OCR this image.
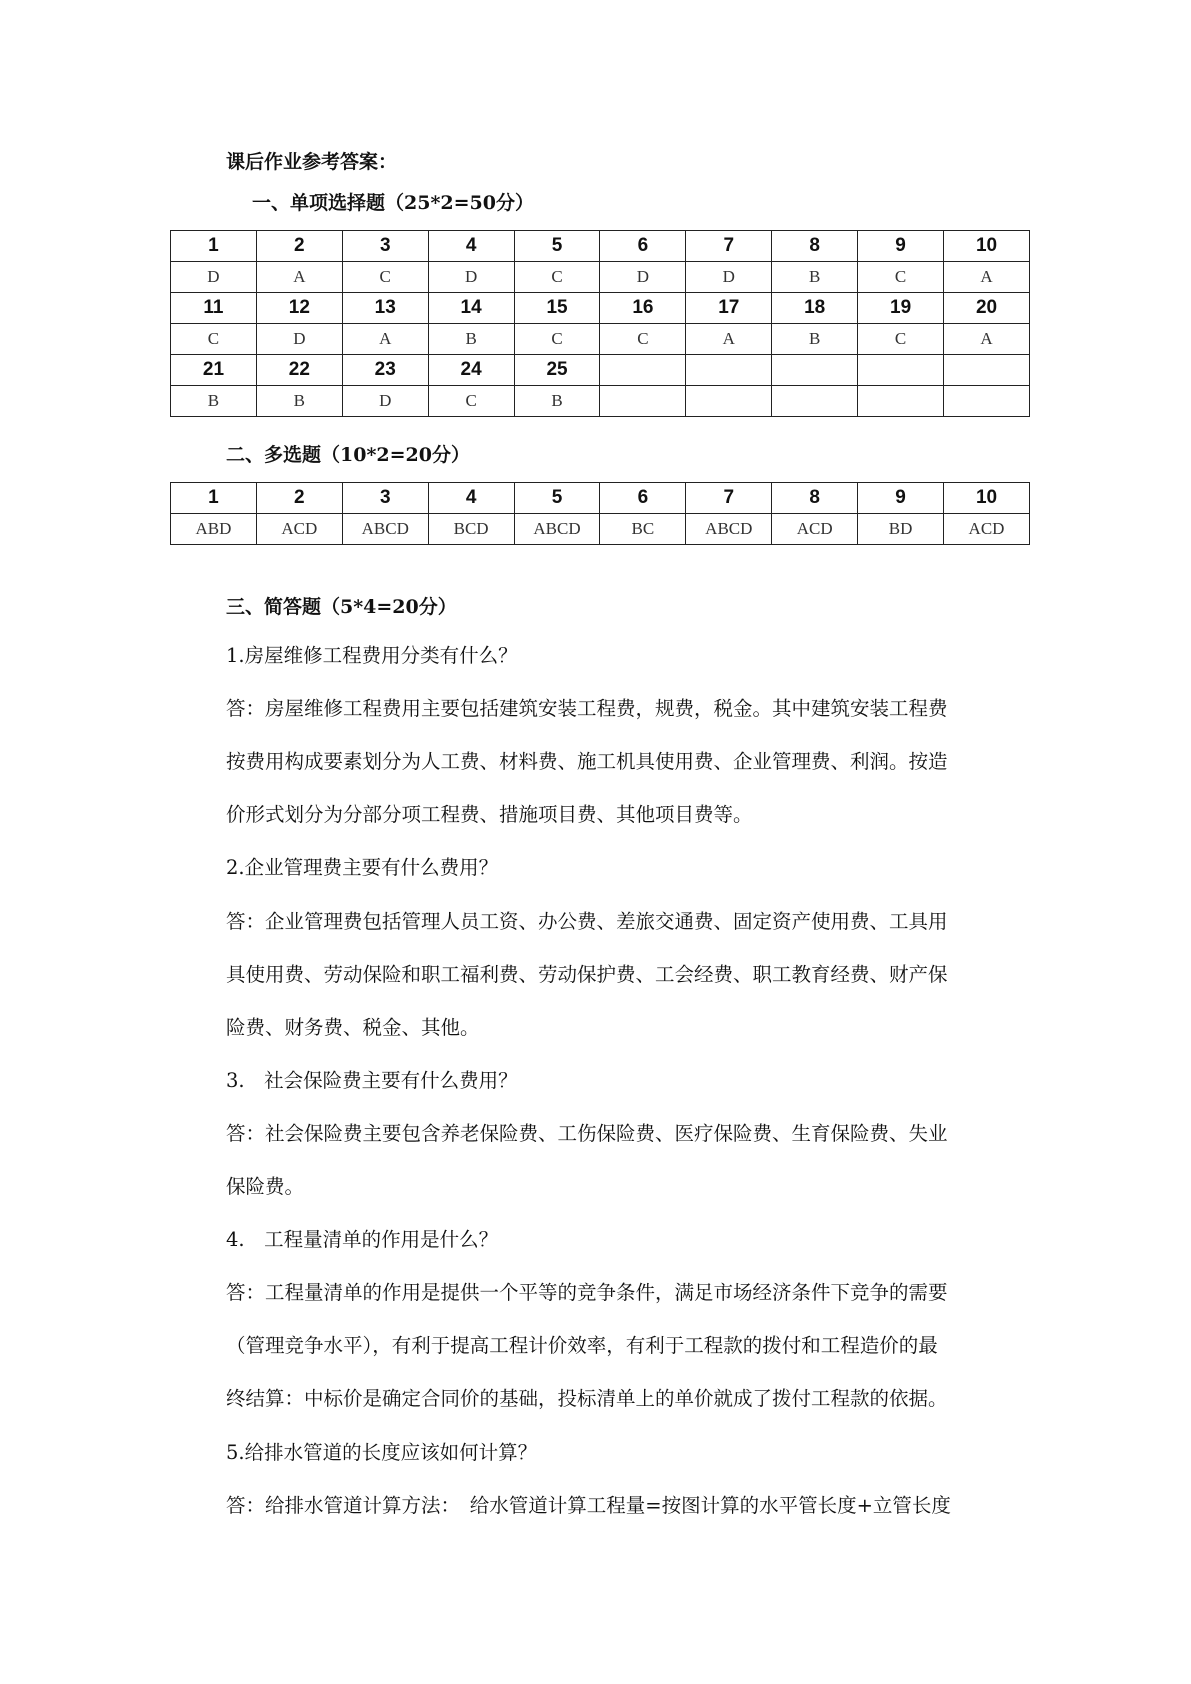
课后作业参考答案：
一、单项选择题（25*2=50分）
1	2	3	4	5	6	7	8	9	10
D	A	C	D	C	D	D	B	C	A
11	12	13	14	15	16	17	18	19	20
C	D	A	B	C	C	A	B	C	A
21	22	23	24	25					
B	B	D	C	B					
二、多选题（10*2=20分）
1	2	3	4	5	6	7	8	9	10
ABD	ACD	ABCD	BCD	ABCD	BC	ABCD	ACD	BD	ACD
三、简答题（5*4=20分）
1.房屋维修工程费用分类有什么？
答：房屋维修工程费用主要包括建筑安装工程费，规费，税金。其中建筑安装工程费
按费用构成要素划分为人工费、材料费、施工机具使用费、企业管理费、利润。按造
价形式划分为分部分项工程费、措施项目费、其他项目费等。
2.企业管理费主要有什么费用？
答：企业管理费包括管理人员工资、办公费、差旅交通费、固定资产使用费、工具用
具使用费、劳动保险和职工福利费、劳动保护费、工会经费、职工教育经费、财产保
险费、财务费、税金、其他。
3.　社会保险费主要有什么费用？
答：社会保险费主要包含养老保险费、工伤保险费、医疗保险费、生育保险费、失业
保险费。
4.　工程量清单的作用是什么？
答：工程量清单的作用是提供一个平等的竞争条件，满足市场经济条件下竞争的需要
（管理竞争水平），有利于提高工程计价效率，有利于工程款的拨付和工程造价的最
终结算：中标价是确定合同价的基础，投标清单上的单价就成了拨付工程款的依据。
5.给排水管道的长度应该如何计算？
答：给排水管道计算方法：　给水管道计算工程量=按图计算的水平管长度+立管长度
